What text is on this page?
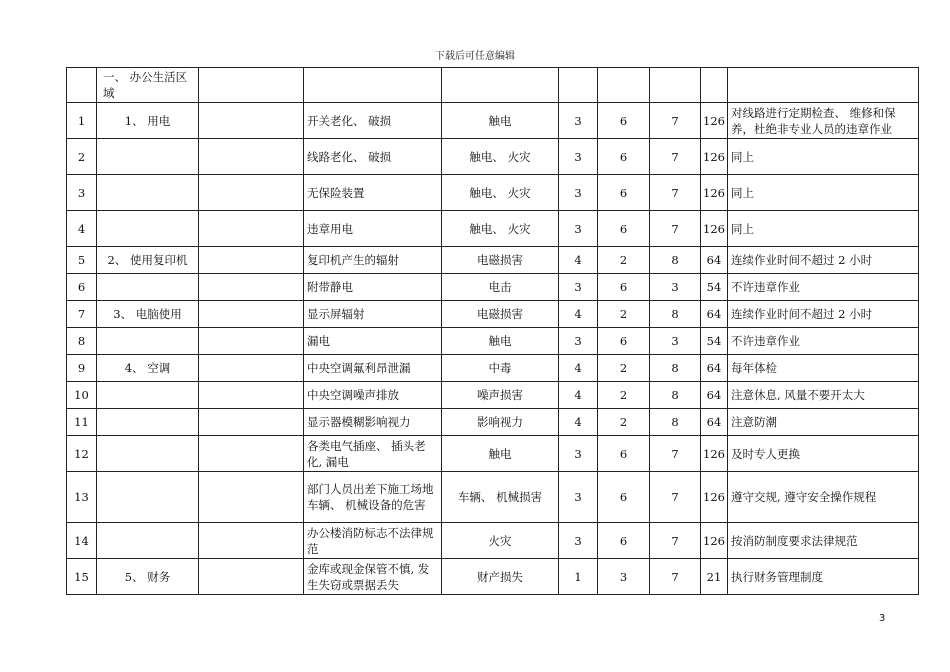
下载后可任意编辑
	一、 办公生活区域								
1	1、 用电		开关老化、 破损	触电	3	6	7	126	对线路进行定期检查、 维修和保养，杜绝非专业人员的违章作业
2			线路老化、 破损	触电、 火灾	3	6	7	126	同上
3			无保险装置	触电、 火灾	3	6	7	126	同上
4			违章用电	触电、 火灾	3	6	7	126	同上
5	2、 使用复印机		复印机产生的辐射	电磁损害	4	2	8	64	连续作业时间不超过 2 小时
6			附带静电	电击	3	6	3	54	不许违章作业
7	3、 电脑使用		显示屏辐射	电磁损害	4	2	8	64	连续作业时间不超过 2 小时
8			漏电	触电	3	6	3	54	不许违章作业
9	4、 空调		中央空调氟利昂泄漏	中毒	4	2	8	64	每年体检
10			中央空调噪声排放	噪声损害	4	2	8	64	注意休息, 风量不要开太大
11			显示器模糊影响视力	影响视力	4	2	8	64	注意防潮
12			各类电气插座、 插头老化, 漏电	触电	3	6	7	126	及时专人更换
13			部门人员出差下施工场地车辆、 机械设备的危害	车辆、 机械损害	3	6	7	126	遵守交规, 遵守安全操作规程
14			办公楼消防标志不法律规范	火灾	3	6	7	126	按消防制度要求法律规范
15	5、 财务		金库或现金保管不慎, 发生失窃或票据丢失	财产损失	1	3	7	21	执行财务管理制度
3
